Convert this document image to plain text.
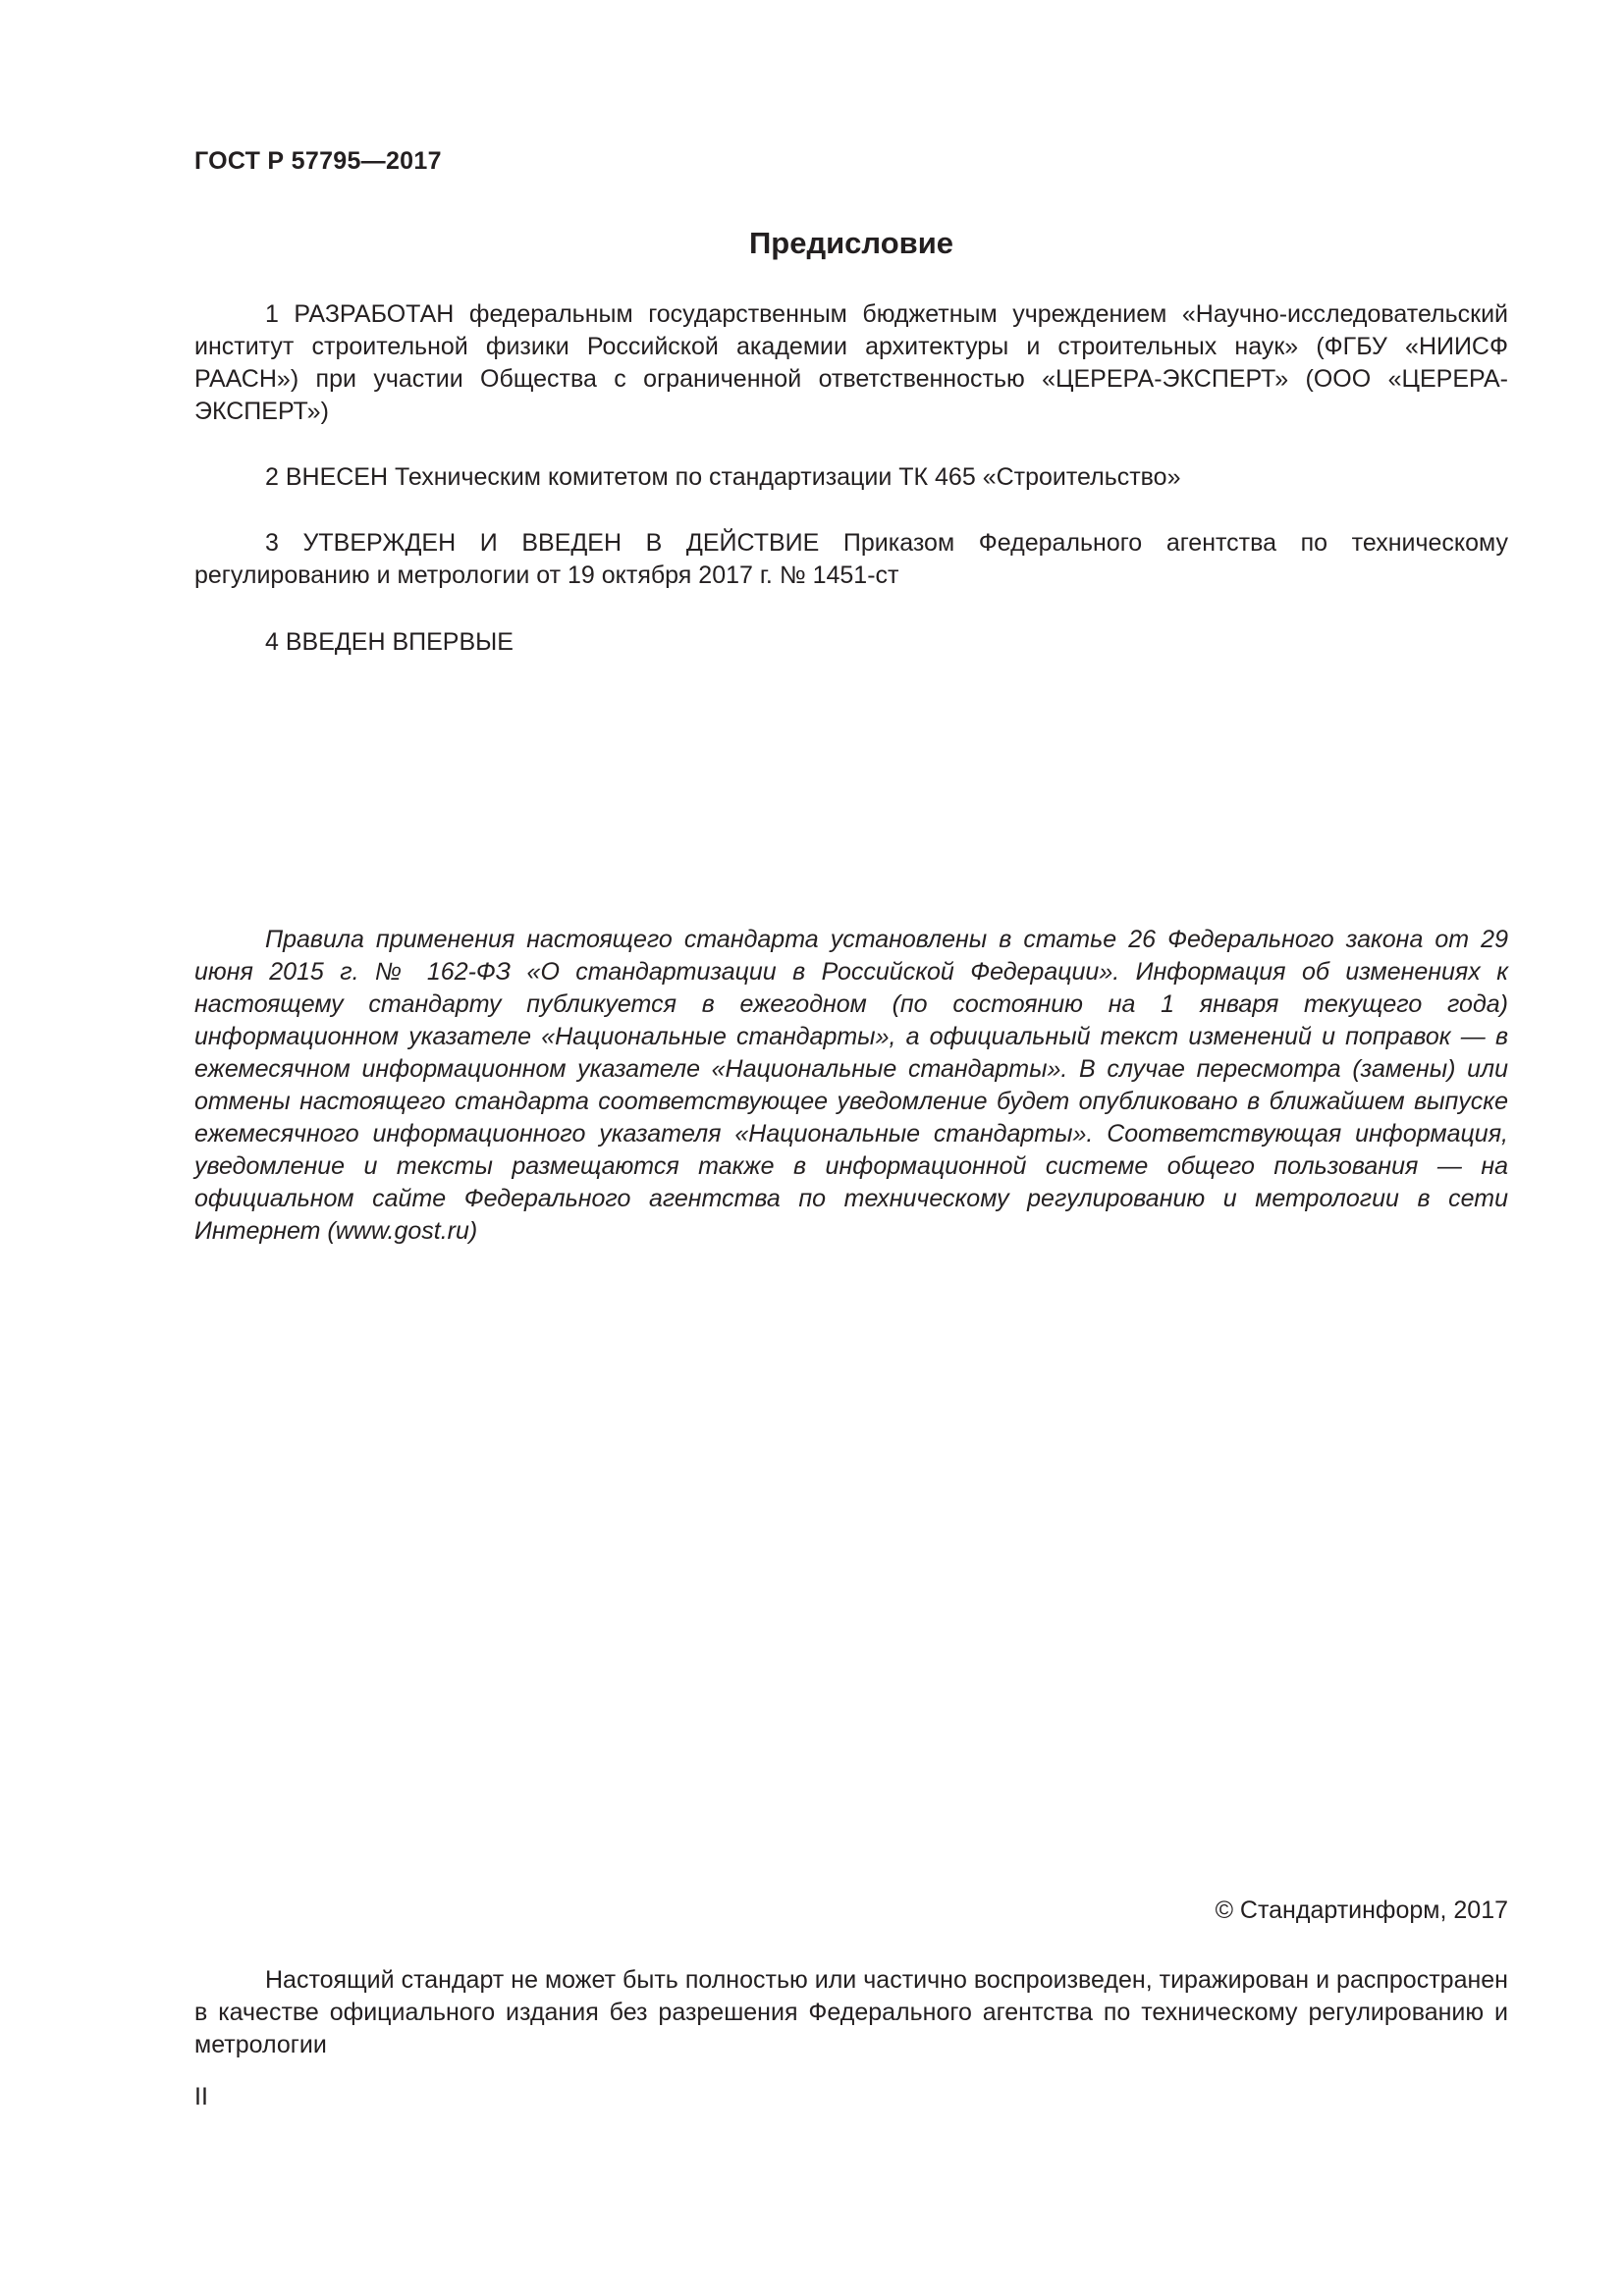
ГОСТ Р 57795—2017
Предисловие

1 РАЗРАБОТАН федеральным государственным бюджетным учреждением «Научно-исследовательский институт строительной физики Российской академии архитектуры и строительных наук» (ФГБУ «НИИСФ РААСН») при участии Общества с ограниченной ответственностью «ЦЕРЕРА-ЭКСПЕРТ» (ООО «ЦЕРЕРА-ЭКСПЕРТ»)

2 ВНЕСЕН Техническим комитетом по стандартизации ТК 465 «Строительство»

3 УТВЕРЖДЕН И ВВЕДЕН В ДЕЙСТВИЕ Приказом Федерального агентства по техническому регулированию и метрологии от 19 октября 2017 г. № 1451-ст

4 ВВЕДЕН ВПЕРВЫЕ

Правила применения настоящего стандарта установлены в статье 26 Федерального закона от 29 июня 2015 г. № 162-ФЗ «О стандартизации в Российской Федерации». Информация об изменениях к настоящему стандарту публикуется в ежегодном (по состоянию на 1 января текущего года) информационном указателе «Национальные стандарты», а официальный текст изменений и поправок — в ежемесячном информационном указателе «Национальные стандарты». В случае пересмотра (замены) или отмены настоящего стандарта соответствующее уведомление будет опубликовано в ближайшем выпуске ежемесячного информационного указателя «Национальные стандарты». Соответствующая информация, уведомление и тексты размещаются также в информационной системе общего пользования — на официальном сайте Федерального агентства по техническому регулированию и метрологии в сети Интернет (www.gost.ru)

© Стандартинформ, 2017

Настоящий стандарт не может быть полностью или частично воспроизведен, тиражирован и распространен в качестве официального издания без разрешения Федерального агентства по техническому регулированию и метрологии

II
